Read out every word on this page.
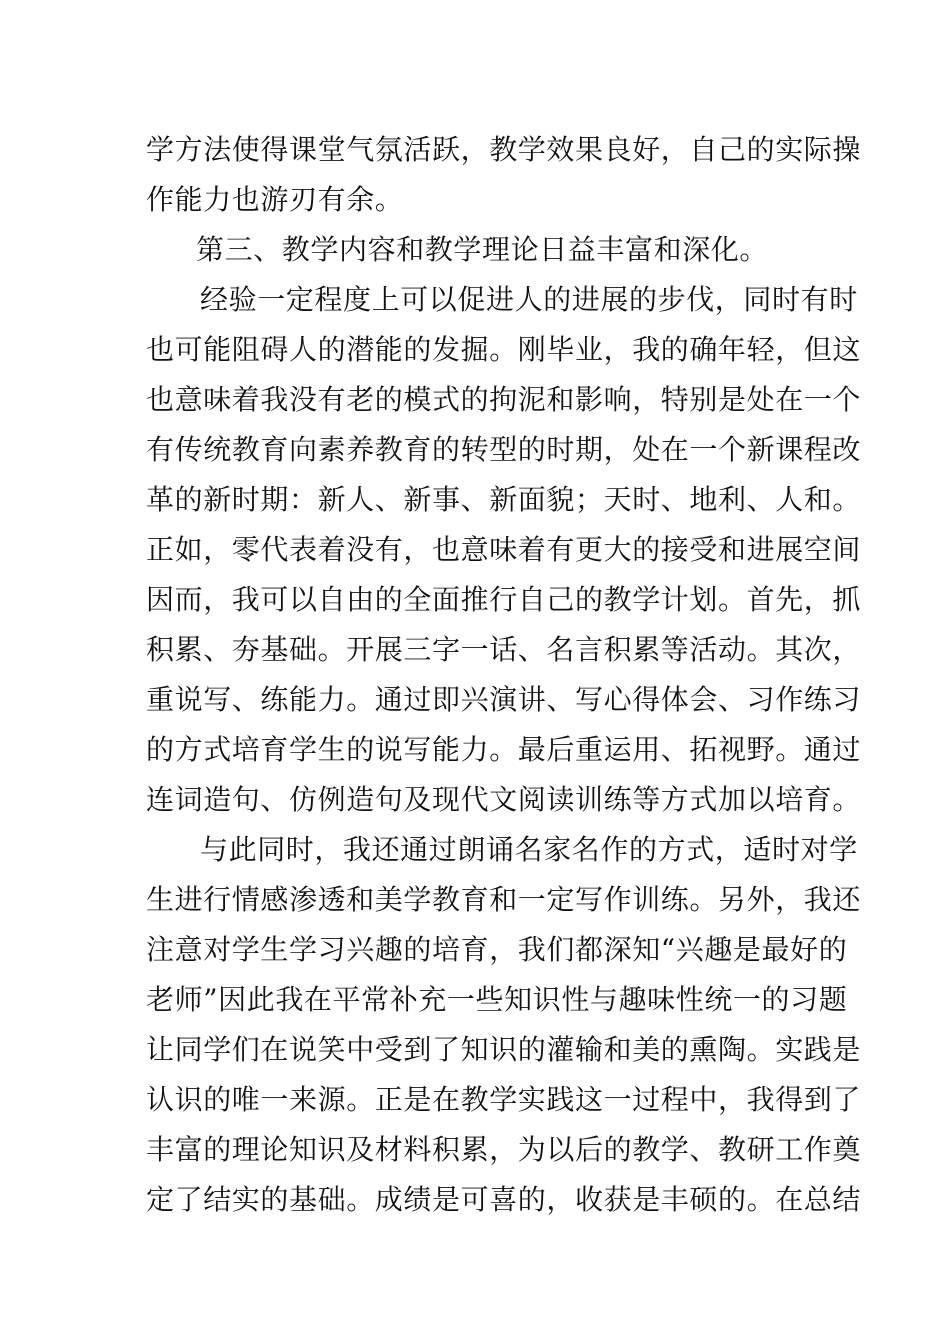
学方法使得课堂气氛活跃，教学效果良好，自己的实际操
作能力也游刃有余。
第三、教学内容和教学理论日益丰富和深化。
经验一定程度上可以促进人的进展的步伐，同时有时
也可能阻碍人的潜能的发掘。刚毕业，我的确年轻，但这
也意味着我没有老的模式的拘泥和影响，特别是处在一个
有传统教育向素养教育的转型的时期，处在一个新课程改
革的新时期：新人、新事、新面貌；天时、地利、人和。
正如，零代表着没有，也意味着有更大的接受和进展空间
因而，我可以自由的全面推行自己的教学计划。首先，抓
积累、夯基础。开展三字一话、名言积累等活动。其次，
重说写、练能力。通过即兴演讲、写心得体会、习作练习
的方式培育学生的说写能力。最后重运用、拓视野。通过
连词造句、仿例造句及现代文阅读训练等方式加以培育。
与此同时，我还通过朗诵名家名作的方式，适时对学
生进行情感渗透和美学教育和一定写作训练。另外，我还
注意对学生学习兴趣的培育，我们都深知“兴趣是最好的
老师”因此我在平常补充一些知识性与趣味性统一的习题
让同学们在说笑中受到了知识的灌输和美的熏陶。实践是
认识的唯一来源。正是在教学实践这一过程中，我得到了
丰富的理论知识及材料积累，为以后的教学、教研工作奠
定了结实的基础。成绩是可喜的，收获是丰硕的。在总结
